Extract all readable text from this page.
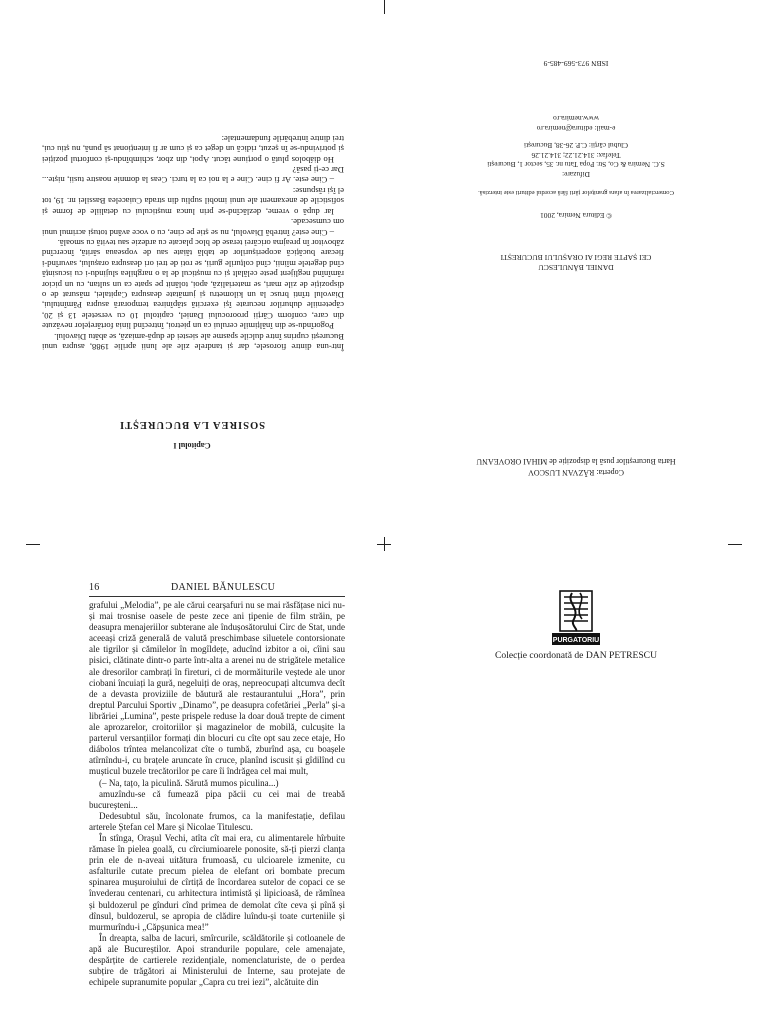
Capitolul I
SOSIREA LA BUCUREȘTI

Într-una dintre fiorosele, dar și tandrele zile ale lunii aprilie 1988, asupra unui București cuprins între dulcile spasme ale siestei de după-amiază, se abătu Diavolul.

Pogorîndu-se din înălțimile cerului ca un pietroi, întrecînd linia fortărețelor nevăzute din care, conform Cărții proorocului Daniel, capitolul 10 cu versetele 13 și 20, căpeteniile duhurilor necurate își exercită stăpînirea temporară asupra Pămîntului, Diavolul trînti brusc la un kilometru și jumătate deasupra Capitalei, măsurat de o dispoziție de zile mari, se materializă, apoi, tolănit pe spate ca un sultan, cu un picior rămînînd neglijent peste celălalt și cu mușticul de la o narghilea slujindu-i cu iscusință cînd degetele mîinii, cînd colțurile gurii, se roti de trei ori deasupra orașului, savurînd-i fiecare bucățică acoperișurilor de tablă tăiate sau de vopseaua sărită, încercînd zăbovitor în preajma oricărei terase de bloc placate cu ardezie sau tevită cu smoală.

– Cine este? întrebă Diavolul, nu se știe pe cine, cu o voce având totuși acrimul unui om cumsecade.

Iar după o vreme, dezlăcînd-se prin lunca mușticului cu detaliile de forme și sofisticile de anexament ale unui imobil supliu din strada Cuiacelea Bassilei nr. 19, tot el își răspunse:

– Cine este. Ar fi cine. Cine e la noi ca la turci. Ceas la domnie noastre tusii, niște... Dar ce-ți pasă?

Ho diábolos plută o porțiune tăcut. Apoi, din zbor, schimbîndu-și confortul poziției și potrivindu-se în șezut, ridică un deget ca și cum ar fi intenționat să pună, nu știu cui, trei dintre întrebările fundamentale:

Coperta: RĂZVAN LUSCOV
Harta Bucureștilor pusă la dispoziție de MIHAI OROVEANU
DANIEL BĂNULESCU
CEI ȘAPTE REGI AI ORAȘULUI BUCUREȘTI
© Editura Nemira, 2001
Comercializarea în afara granițelor țării fără acordul editurii este interzisă.
Difuzare:
S.C. Nemira & Co, Str. Popa Tatu nr. 35, sector 1, București
Telefax: 314.21.22; 314.21.26
Clubul cărții: C.P. 26-38, București
e-mail: editura@nemira.ro
www.nemira.ro
ISBN 973-569-485-9
16	DANIEL BĂNULESCU

grafului „Melodia”, pe ale cărui cearșafuri nu se mai răsfățase nici nu-și mai trosnise oasele de peste zece ani țipenie de film străin, pe deasupra menajeriilor subterane ale îndușosătorului Circ de Stat, unde aceeași criză generală de valută preschimbase siluetele contorsionate ale tigrilor și cămilelor în mogîldețe, aducînd izbitor a oi, cîini sau pisici, clătinate dintr-o parte într-alta a arenei nu de strigătele metalice ale dresorilor cambrați în fireturi, ci de mormăiturile veștede ale unor ciobani încuiați la gură, negeluiți de oraș, nepreocupați altcumva decît de a devasta proviziile de băutură ale restaurantului „Hora”, prin dreptul Parcului Sportiv „Dinamo”, pe deasupra cofetăriei „Perla” și-a librăriei „Lumina”, peste prispele reduse la doar două trepte de ciment ale aprozarelor, croitoriilor și magazinelor de mobilă, culcușite la parterul versanțiilor formați din blocuri cu cîte opt sau zece etaje, Ho diábolos trîntea melancolizat cîte o tumbă, zburînd așa, cu boașele atîrnîndu-i, cu brațele aruncate în cruce, planînd iscusit și gîdilînd cu mușticul buzele trecătorilor pe care îi îndrăgea cel mai mult,

(– Na, tațo, la piculină. Sărută mumos piculina...)

amuzîndu-se că fumează pipa păcii cu cei mai de treabă bucureșteni...

Dedesubtul său, încolonate frumos, ca la manifestație, defilau arterele Ștefan cel Mare și Nicolae Titulescu.

În stînga, Orașul Vechi, atîta cît mai era, cu alimentarele hîrbuite rămase în pielea goală, cu cîrciumioarele ponosite, să-ți pierzi clanța prin ele de n-aveai uitătura frumoasă, cu ulcioarele izmenite, cu asfalturile cutate precum pielea de elefant ori bombate precum spinarea mușuroiului de cîrtiță de încordarea sutelor de copaci ce se învederau centenari, cu arhitectura intimistă și lipicioasă, de rămînea și buldozerul pe gînduri cînd primea de demolat cîte ceva și pînă și dînsul, buldozerul, se apropia de clădire luîndu-și toate curteniile și murmurîndu-i „Căpșunica mea!”

În dreapta, salba de lacuri, smîrcurile, scăldătorile și cotloanele de apă ale Bucureștilor. Apoi strandurile populare, cele amenajate, despărțite de cartierele rezidențiale, nomenclaturiste, de o perdea subțire de trăgători ai Ministerului de Interne, sau protejate de echipele supranumite popular „Capra cu trei iezi”, alcătuite din

PURGATORIU
Colecție coordonată de DAN PETRESCU
